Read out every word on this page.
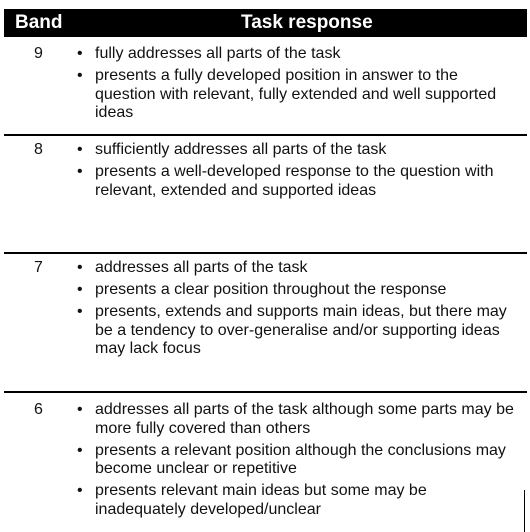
Band	Task response
9 • fully addresses all parts of the task
• presents a fully developed position in answer to the question with relevant, fully extended and well supported ideas
8 • sufficiently addresses all parts of the task
• presents a well-developed response to the question with relevant, extended and supported ideas
7 • addresses all parts of the task
• presents a clear position throughout the response
• presents, extends and supports main ideas, but there may be a tendency to over-generalise and/or supporting ideas may lack focus
6 • addresses all parts of the task although some parts may be more fully covered than others
• presents a relevant position although the conclusions may become unclear or repetitive
• presents relevant main ideas but some may be inadequately developed/unclear
